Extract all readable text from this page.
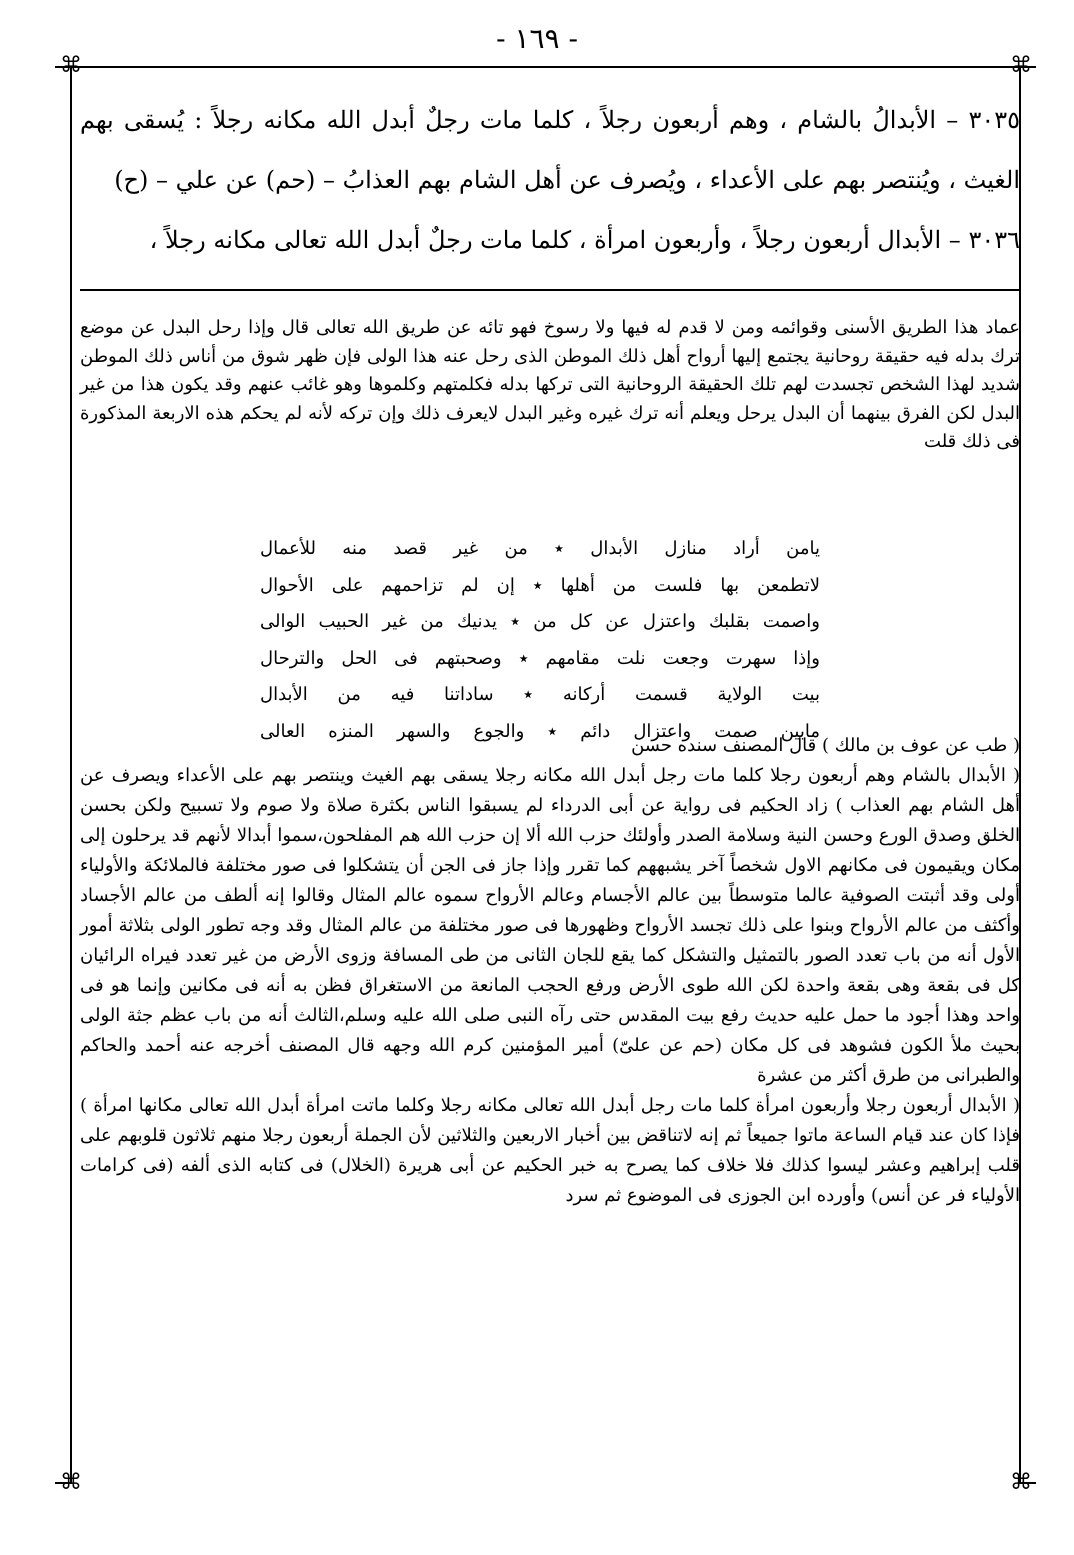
- ١٦٩ -
⌘	⌘
⌘	⌘

٣٠٣٥ – الأبدالُ بالشام ، وهم أربعون رجلاً ، كلما مات رجلٌ أبدل الله مكانه رجلاً : يُسقى بهم الغيث ، ويُنتصر بهم على الأعداء ، ويُصرف عن أهل الشام بهم العذابُ – (حم) عن علي – (ح)

٣٠٣٦ – الأبدال أربعون رجلاً ، وأربعون امرأة ، كلما مات رجلٌ أبدل الله تعالى مكانه رجلاً ،

عماد هذا الطريق الأسنى وقوائمه ومن لا قدم له فيها ولا رسوخ فهو تائه عن طريق الله تعالى قال وإذا رحل البدل عن موضع ترك بدله فيه حقيقة روحانية يجتمع إليها أرواح أهل ذلك الموطن الذى رحل عنه هذا الولى فإن ظهر شوق من أناس ذلك الموطن شديد لهذا الشخص تجسدت لهم تلك الحقيقة الروحانية التى تركها بدله فكلمتهم وكلموها وهو غائب عنهم وقد يكون هذا من غير البدل لكن الفرق بينهما أن البدل يرحل ويعلم أنه ترك غيره وغير البدل لايعرف ذلك وإن تركه لأنه لم يحكم هذه الاربعة المذكورة فى ذلك قلت

يامن أراد منازل الأبدال ٭ من غير قصد منه للأعمال
لاتطمعن بها فلست من أهلها ٭ إن لم تزاحمهم على الأحوال
واصمت بقلبك واعتزل عن كل من ٭ يدنيك من غير الحبيب الوالى
وإذا سهرت وجعت نلت مقامهم ٭ وصحبتهم فى الحل والترحال
بيت الولاية قسمت أركانه ٭ ساداتنا فيه من الأبدال
مابين صمت واعتزال دائم ٭ والجوع والسهر المنزه العالى

( طب عن عوف بن مالك ) قال المصنف سنده حسن

( الأبدال بالشام وهم أربعون رجلا كلما مات رجل أبدل الله مكانه رجلا يسقى بهم الغيث وينتصر بهم على الأعداء ويصرف عن أهل الشام بهم العذاب ) زاد الحكيم فى رواية عن أبى الدرداء لم يسبقوا الناس بكثرة صلاة ولا صوم ولا تسبيح ولكن بحسن الخلق وصدق الورع وحسن النية وسلامة الصدر وأولئك حزب الله ألا إن حزب الله هم المفلحون،سموا أبدالا لأنهم قد يرحلون إلى مكان ويقيمون فى مكانهم الاول شخصاً آخر يشبههم كما تقرر وإذا جاز فى الجن أن يتشكلوا فى صور مختلفة فالملائكة والأولياء أولى وقد أثبتت الصوفية عالما متوسطاً بين عالم الأجسام وعالم الأرواح سموه عالم المثال وقالوا إنه ألطف من عالم الأجساد وأكثف من عالم الأرواح وبنوا على ذلك تجسد الأرواح وظهورها فى صور مختلفة من عالم المثال وقد وجه تطور الولى بثلاثة أمور الأول أنه من باب تعدد الصور بالتمثيل والتشكل كما يقع للجان الثانى من طى المسافة وزوى الأرض من غير تعدد فيراه الرائيان كل فى بقعة وهى بقعة واحدة لكن الله طوى الأرض ورفع الحجب المانعة من الاستغراق فظن به أنه فى مكانين وإنما هو فى واحد وهذا أجود ما حمل عليه حديث رفع بيت المقدس حتى رآه النبى صلى الله عليه وسلم،الثالث أنه من باب عظم جثة الولى بحيث ملأ الكون فشوهد فى كل مكان (حم عن علىّ) أمير المؤمنين كرم الله وجهه قال المصنف أخرجه عنه أحمد والحاكم والطبرانى من طرق أكثر من عشرة

( الأبدال أربعون رجلا وأربعون امرأة كلما مات رجل أبدل الله تعالى مكانه رجلا وكلما ماتت امرأة أبدل الله تعالى مكانها امرأة ) فإذا كان عند قيام الساعة ماتوا جميعاً ثم إنه لاتناقض بين أخبار الاربعين والثلاثين لأن الجملة أربعون رجلا منهم ثلاثون قلوبهم على قلب إبراهيم وعشر ليسوا كذلك فلا خلاف كما يصرح به خبر الحكيم عن أبى هريرة (الخلال) فى كتابه الذى ألفه (فى كرامات الأولياء فر عن أنس) وأورده ابن الجوزى فى الموضوع ثم سرد
